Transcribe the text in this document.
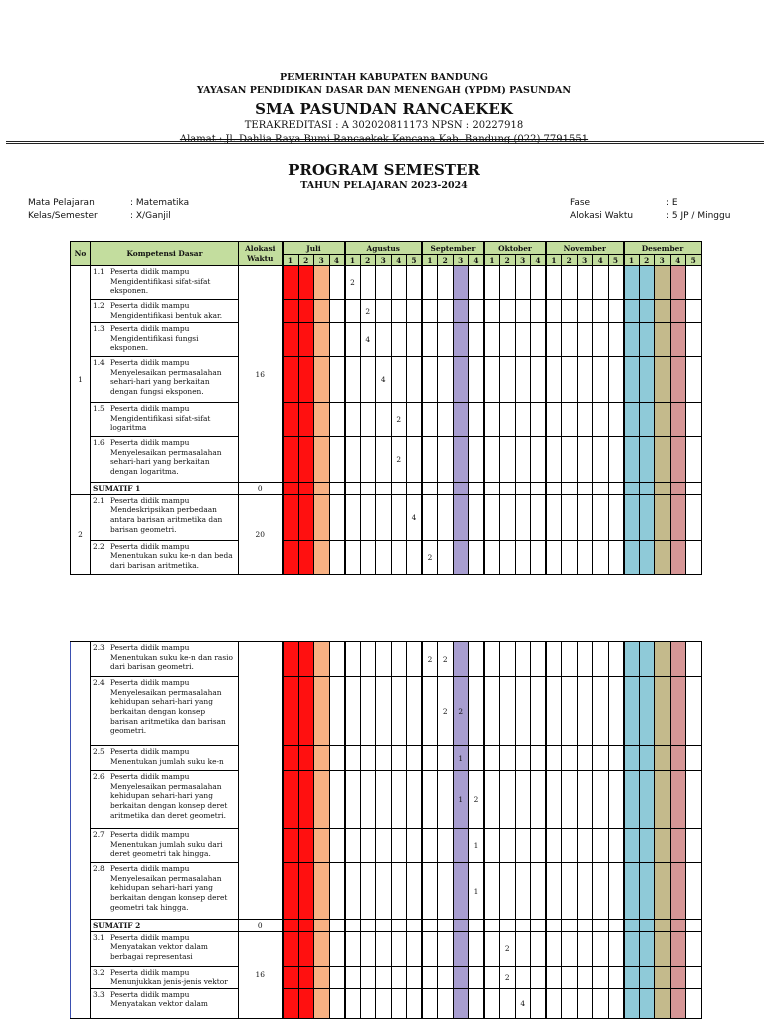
PEMERINTAH KABUPATEN BANDUNG
YAYASAN PENDIDIKAN DASAR DAN MENENGAH (YPDM) PASUNDAN
SMA PASUNDAN RANCAEKEK
TERAKREDITASI : A 302020811173 NPSN : 20227918
Alamat : Jl. Dahlia Raya Bumi Rancaekek Kencana Kab. Bandung (022) 7791551
PROGRAM SEMESTER
TAHUN PELAJARAN 2023-2024
Mata Pelajaran	: Matematika
Kelas/Semester	: X/Ganjil
Fase	: E
Alokasi Waktu	: 5 JP / Minggu
No	Kompetensi Dasar	Alokasi Waktu	Juli				Agustus					September				Oktober				November					Desember				
			1	2	3	4	1	2	3	4	5	1	2	3	4	1	2	3	4	1	2	3	4	5	1	2	3	4	5
1	1.1 Peserta didik mampu Mengidentifikasi sifat-sifat eksponen.	16					2																						
	1.2 Peserta didik mampu Mengidentifikasi bentuk akar.							2																					
	1.3 Peserta didik mampu Mengidentifikasi fungsi eksponen.							4																					
	1.4 Peserta didik mampu Menyelesaikan permasalahan sehari-hari yang berkaitan dengan fungsi eksponen.								4																				
	1.5 Peserta didik mampu Mengidentifikasi sifat-sifat logaritma									2																			
	1.6 Peserta didik mampu Menyelesaikan permasalahan sehari-hari yang berkaitan dengan logaritma.									2																			
	SUMATIF 1	0																											
2	2.1 Peserta didik mampu Mendeskripsikan perbedaan antara barisan aritmetika dan barisan geometri.	20									4																		
	2.2 Peserta didik mampu Menentukan suku ke-n dan beda dari barisan aritmetika.											2																	
	2.3 Peserta didik mampu Menentukan suku ke-n dan rasio dari barisan geometri.											2	2																
	2.4 Peserta didik mampu Menyelesaikan permasalahan kehidupan sehari-hari yang berkaitan dengan konsep barisan aritmetika dan barisan geometri.												2	2															
	2.5 Peserta didik mampu Menentukan jumlah suku ke-n													1															
	2.6 Peserta didik mampu Menyelesaikan permasalahan kehidupan sehari-hari yang berkaitan dengan konsep deret aritmetika dan deret geometri.													1	2														
	2.7 Peserta didik mampu Menentukan jumlah suku dari deret geometri tak hingga.														1														
	2.8 Peserta didik mampu Menyelesaikan permasalahan kehidupan sehari-hari yang berkaitan dengan konsep deret geometri tak hingga.														1														
	SUMATIF 2	0																											
	3.1 Peserta didik mampu Menyatakan vektor dalam berbagai representasi	16															2												
	3.2 Peserta didik mampu Menunjukkan jenis-jenis vektor																2												
	3.3 Peserta didik mampu Menyatakan vektor dalam																	4											
